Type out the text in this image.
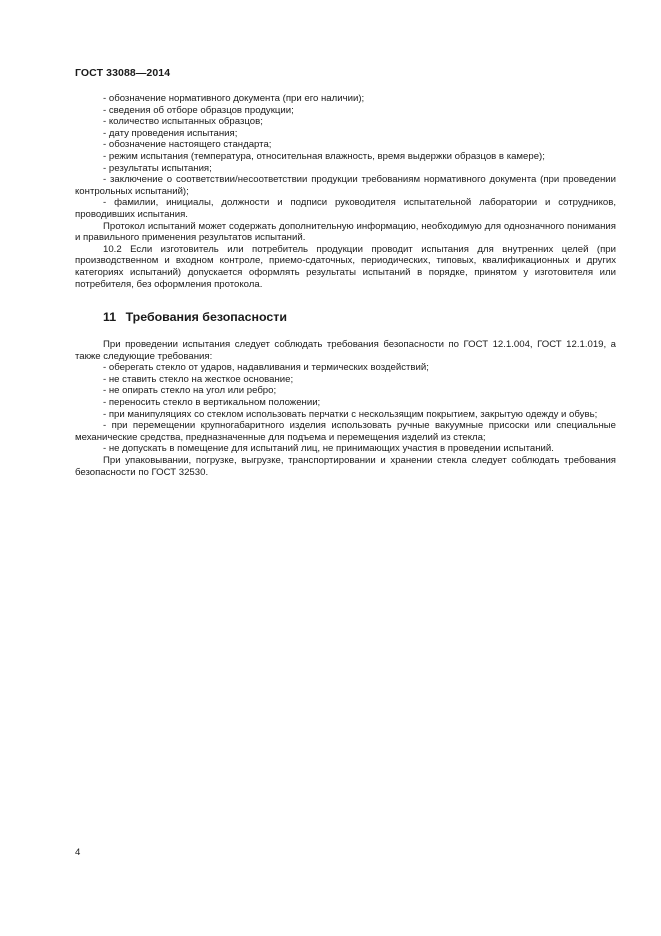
ГОСТ 33088—2014

- обозначение нормативного документа (при его наличии);

- сведения об отборе образцов продукции;

- количество испытанных образцов;

- дату проведения испытания;

- обозначение настоящего стандарта;

- режим испытания (температура, относительная влажность, время выдержки образцов в камере);

- результаты испытания;

- заключение о соответствии/несоответствии продукции требованиям нормативного документа (при проведении контрольных испытаний);

- фамилии, инициалы, должности и подписи руководителя испытательной лаборатории и сотрудников, проводивших испытания.

Протокол испытаний может содержать дополнительную информацию, необходимую для однозначного понимания и правильного применения результатов испытаний.

10.2 Если изготовитель или потребитель продукции проводит испытания для внутренних целей (при производственном и входном контроле, приемо-сдаточных, периодических, типовых, квалификационных и других категориях испытаний) допускается оформлять результаты испытаний в порядке, принятом у изготовителя или потребителя, без оформления протокола.

11 Требования безопасности

При проведении испытания следует соблюдать требования безопасности по ГОСТ 12.1.004, ГОСТ 12.1.019, а также следующие требования:

- оберегать стекло от ударов, надавливания и термических воздействий;

- не ставить стекло на жесткое основание;

- не опирать стекло на угол или ребро;

- переносить стекло в вертикальном положении;

- при манипуляциях со стеклом использовать перчатки с нескользящим покрытием, закрытую одежду и обувь;

- при перемещении крупногабаритного изделия использовать ручные вакуумные присоски или специальные механические средства, предназначенные для подъема и перемещения изделий из стекла;

- не допускать в помещение для испытаний лиц, не принимающих участия в проведении испытаний.

При упаковывании, погрузке, выгрузке, транспортировании и хранении стекла следует соблюдать требования безопасности по ГОСТ 32530.

4
